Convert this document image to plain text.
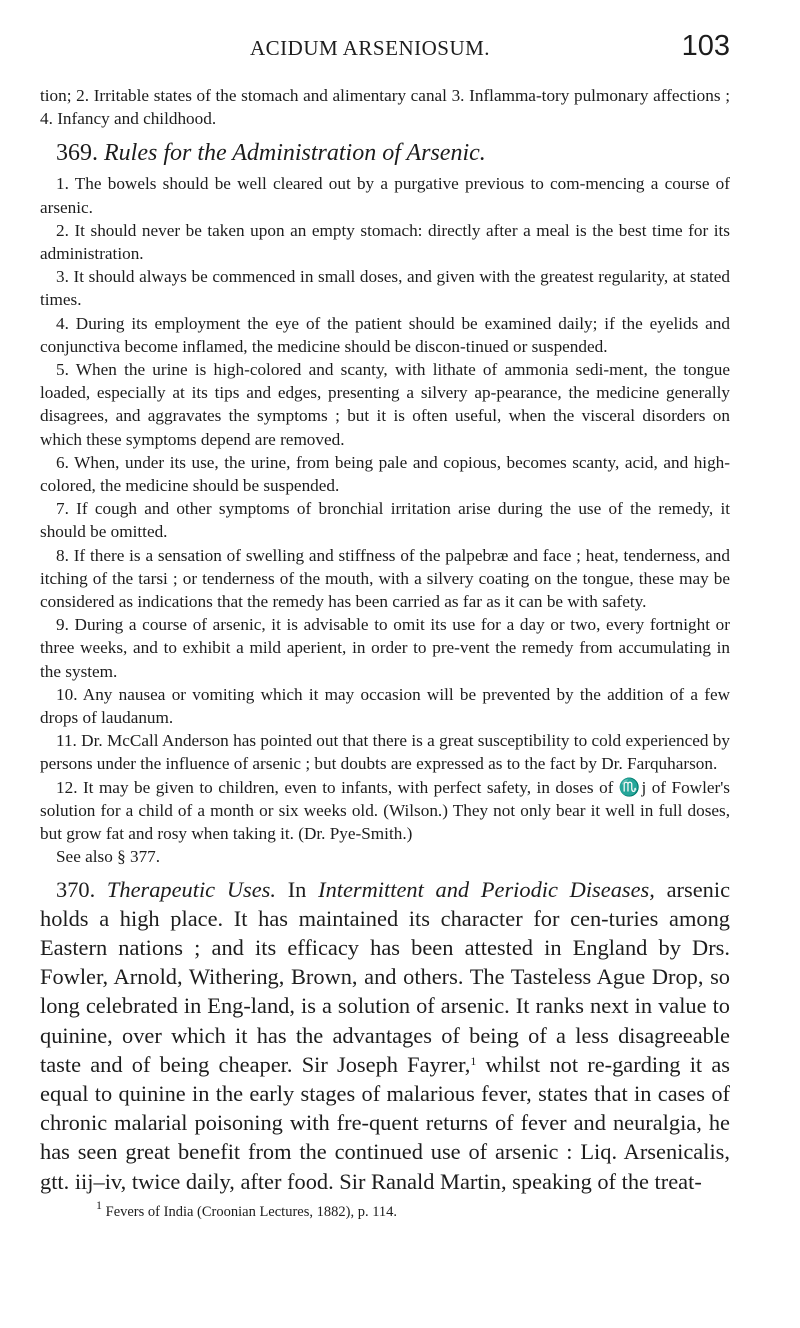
ACIDUM ARSENIOSUM.	103

tion; 2. Irritable states of the stomach and alimentary canal 3. Inflamma-tory pulmonary affections ; 4. Infancy and childhood.

369. Rules for the Administration of Arsenic.

1. The bowels should be well cleared out by a purgative previous to com-mencing a course of arsenic.

2. It should never be taken upon an empty stomach: directly after a meal is the best time for its administration.

3. It should always be commenced in small doses, and given with the greatest regularity, at stated times.

4. During its employment the eye of the patient should be examined daily; if the eyelids and conjunctiva become inflamed, the medicine should be discon-tinued or suspended.

5. When the urine is high-colored and scanty, with lithate of ammonia sedi-ment, the tongue loaded, especially at its tips and edges, presenting a silvery ap-pearance, the medicine generally disagrees, and aggravates the symptoms ; but it is often useful, when the visceral disorders on which these symptoms depend are removed.

6. When, under its use, the urine, from being pale and copious, becomes scanty, acid, and high-colored, the medicine should be suspended.

7. If cough and other symptoms of bronchial irritation arise during the use of the remedy, it should be omitted.

8. If there is a sensation of swelling and stiffness of the palpebræ and face ; heat, tenderness, and itching of the tarsi ; or tenderness of the mouth, with a silvery coating on the tongue, these may be considered as indications that the remedy has been carried as far as it can be with safety.

9. During a course of arsenic, it is advisable to omit its use for a day or two, every fortnight or three weeks, and to exhibit a mild aperient, in order to pre-vent the remedy from accumulating in the system.

10. Any nausea or vomiting which it may occasion will be prevented by the addition of a few drops of laudanum.

11. Dr. McCall Anderson has pointed out that there is a great susceptibility to cold experienced by persons under the influence of arsenic ; but doubts are expressed as to the fact by Dr. Farquharson.

12. It may be given to children, even to infants, with perfect safety, in doses of ♏j of Fowler's solution for a child of a month or six weeks old. (Wilson.) They not only bear it well in full doses, but grow fat and rosy when taking it. (Dr. Pye-Smith.)

See also § 377.

370. Therapeutic Uses. In Intermittent and Periodic Diseases, arsenic holds a high place. It has maintained its character for cen-turies among Eastern nations ; and its efficacy has been attested in England by Drs. Fowler, Arnold, Withering, Brown, and others. The Tasteless Ague Drop, so long celebrated in Eng-land, is a solution of arsenic. It ranks next in value to quinine, over which it has the advantages of being of a less disagreeable taste and of being cheaper. Sir Joseph Fayrer,$^1$ whilst not re-garding it as equal to quinine in the early stages of malarious fever, states that in cases of chronic malarial poisoning with fre-quent returns of fever and neuralgia, he has seen great benefit from the continued use of arsenic : Liq. Arsenicalis, gtt. iij–iv, twice daily, after food. Sir Ranald Martin, speaking of the treat-

$^1$ Fevers of India (Croonian Lectures, 1882), p. 114.
